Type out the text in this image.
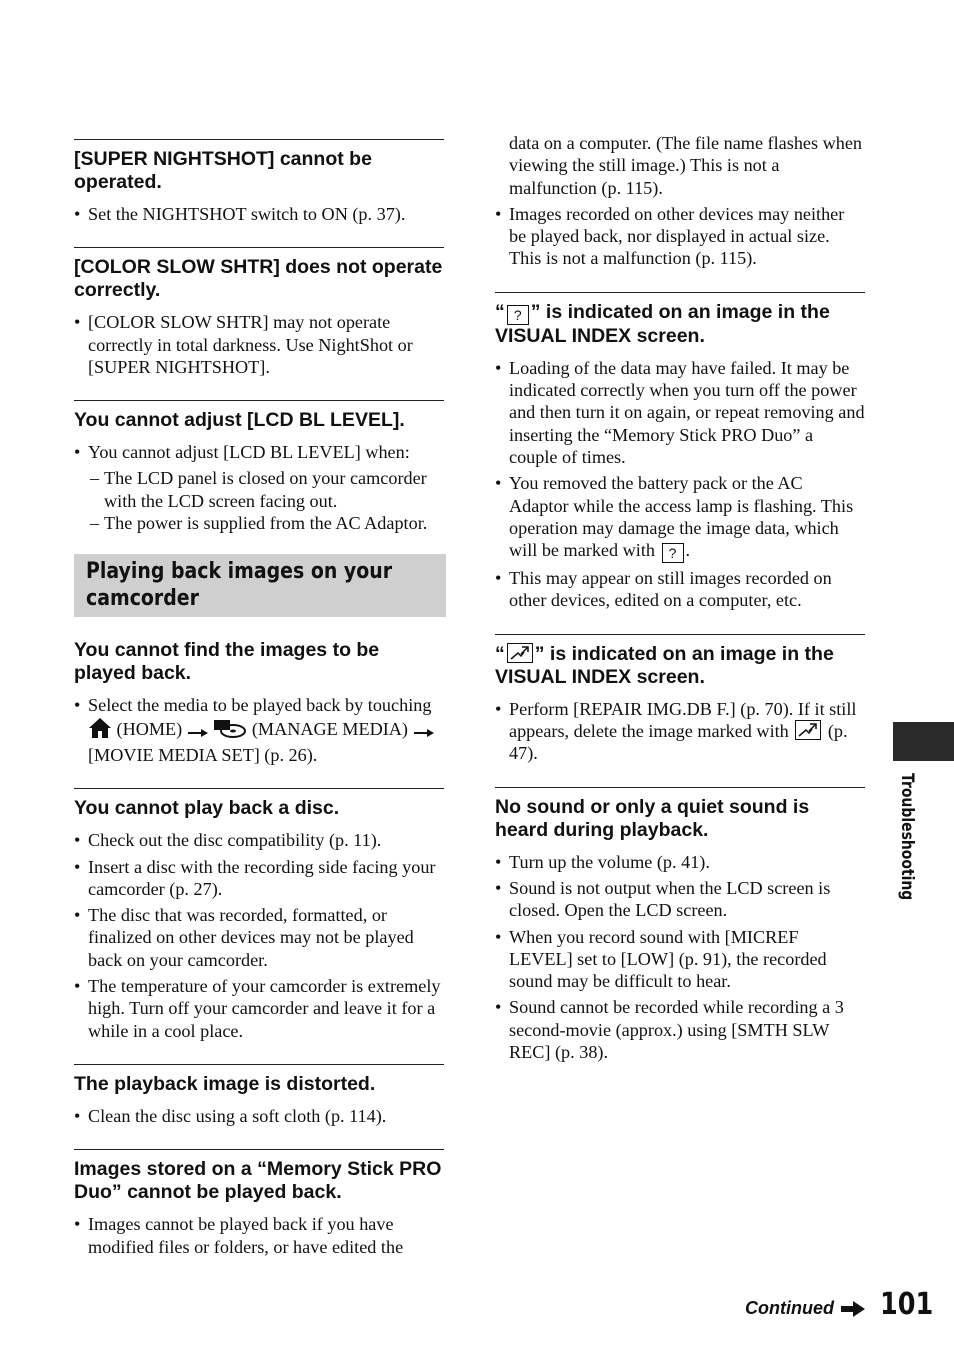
[SUPER NIGHTSHOT] cannot be operated.
• Set the NIGHTSHOT switch to ON (p. 37).
[COLOR SLOW SHTR] does not operate correctly.
• [COLOR SLOW SHTR] may not operate correctly in total darkness. Use NightShot or [SUPER NIGHTSHOT].
You cannot adjust [LCD BL LEVEL].
• You cannot adjust [LCD BL LEVEL] when:
– The LCD panel is closed on your camcorder with the LCD screen facing out.
– The power is supplied from the AC Adaptor.
Playing back images on your camcorder
You cannot find the images to be played back.
• Select the media to be played back by touching  (HOME)	(MANAGE MEDIA)  [MOVIE MEDIA SET] (p. 26).
You cannot play back a disc.
• Check out the disc compatibility (p. 11).
• Insert a disc with the recording side facing your camcorder (p. 27).
• The disc that was recorded, formatted, or finalized on other devices may not be played back on your camcorder.
• The temperature of your camcorder is extremely high. Turn off your camcorder and leave it for a while in a cool place.
The playback image is distorted.
• Clean the disc using a soft cloth (p. 114).
Images stored on a “Memory Stick PRO Duo” cannot be played back.
• Images cannot be played back if you have modified files or folders, or have edited the
data on a computer. (The file name flashes when viewing the still image.) This is not a malfunction (p. 115).
• Images recorded on other devices may neither be played back, nor displayed in actual size. This is not a malfunction (p. 115).
“ ? ” is indicated on an image in the VISUAL INDEX screen.
• Loading of the data may have failed. It may be indicated correctly when you turn off the power and then turn it on again, or repeat removing and inserting the “Memory Stick PRO Duo” a couple of times.
• You removed the battery pack or the AC Adaptor while the access lamp is flashing. This operation may damage the image data, which will be marked with ? .
• This may appear on still images recorded on other devices, edited on a computer, etc.
“ ” is indicated on an image in the VISUAL INDEX screen.
• Perform [REPAIR IMG.DB F.] (p. 70). If it still appears, delete the image marked with (p. 47).
No sound or only a quiet sound is heard during playback.
• Turn up the volume (p. 41).
• Sound is not output when the LCD screen is closed. Open the LCD screen.
• When you record sound with [MICREF LEVEL] set to [LOW] (p. 91), the recorded sound may be difficult to hear.
• Sound cannot be recorded while recording a 3 second-movie (approx.) using [SMTH SLW REC] (p. 38).
Troubleshooting
Continued 101
